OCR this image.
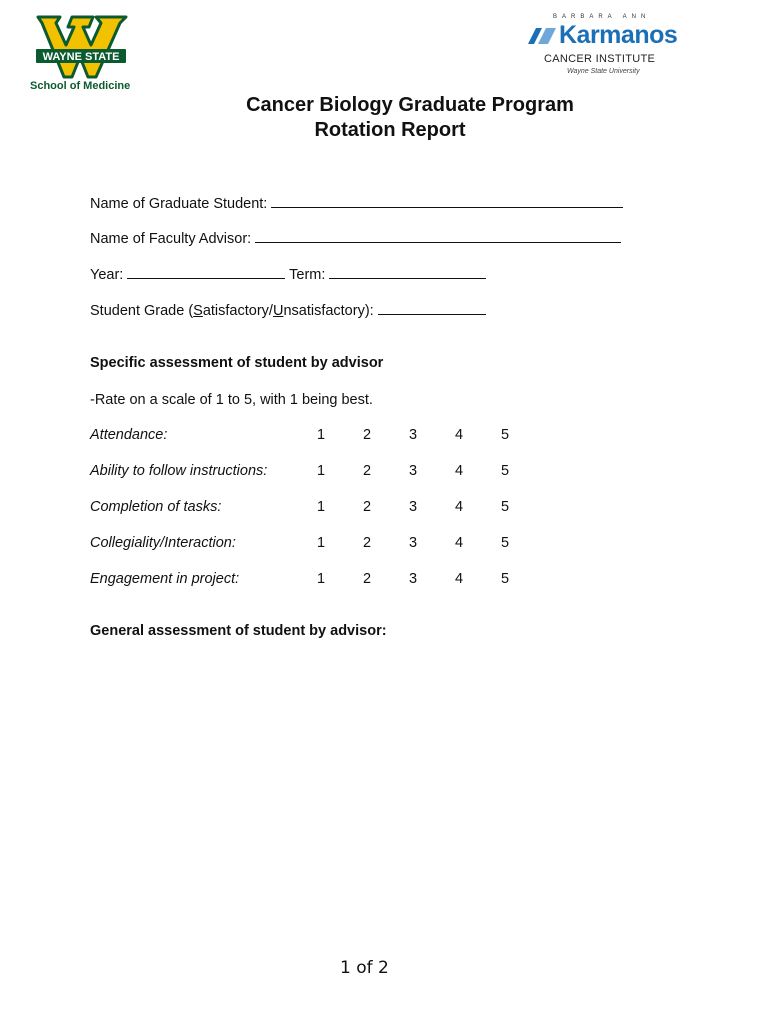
WAYNE STATE
School of Medicine
BARBARA ANN
Karmanos
CANCER INSTITUTE
Wayne State University
Cancer Biology Graduate Program
Rotation Report
Name of Graduate Student:
Name of Faculty Advisor:
Year:	Term:
Student Grade (Satisfactory/Unsatisfactory):
Specific assessment of student by advisor
-Rate on a scale of 1 to 5, with 1 being best.
Attendance:	1	2	3	4	5
Ability to follow instructions:	1	2	3	4	5
Completion of tasks:	1	2	3	4	5
Collegiality/Interaction:	1	2	3	4	5
Engagement in project:	1	2	3	4	5
General assessment of student by advisor:
1 of 2
